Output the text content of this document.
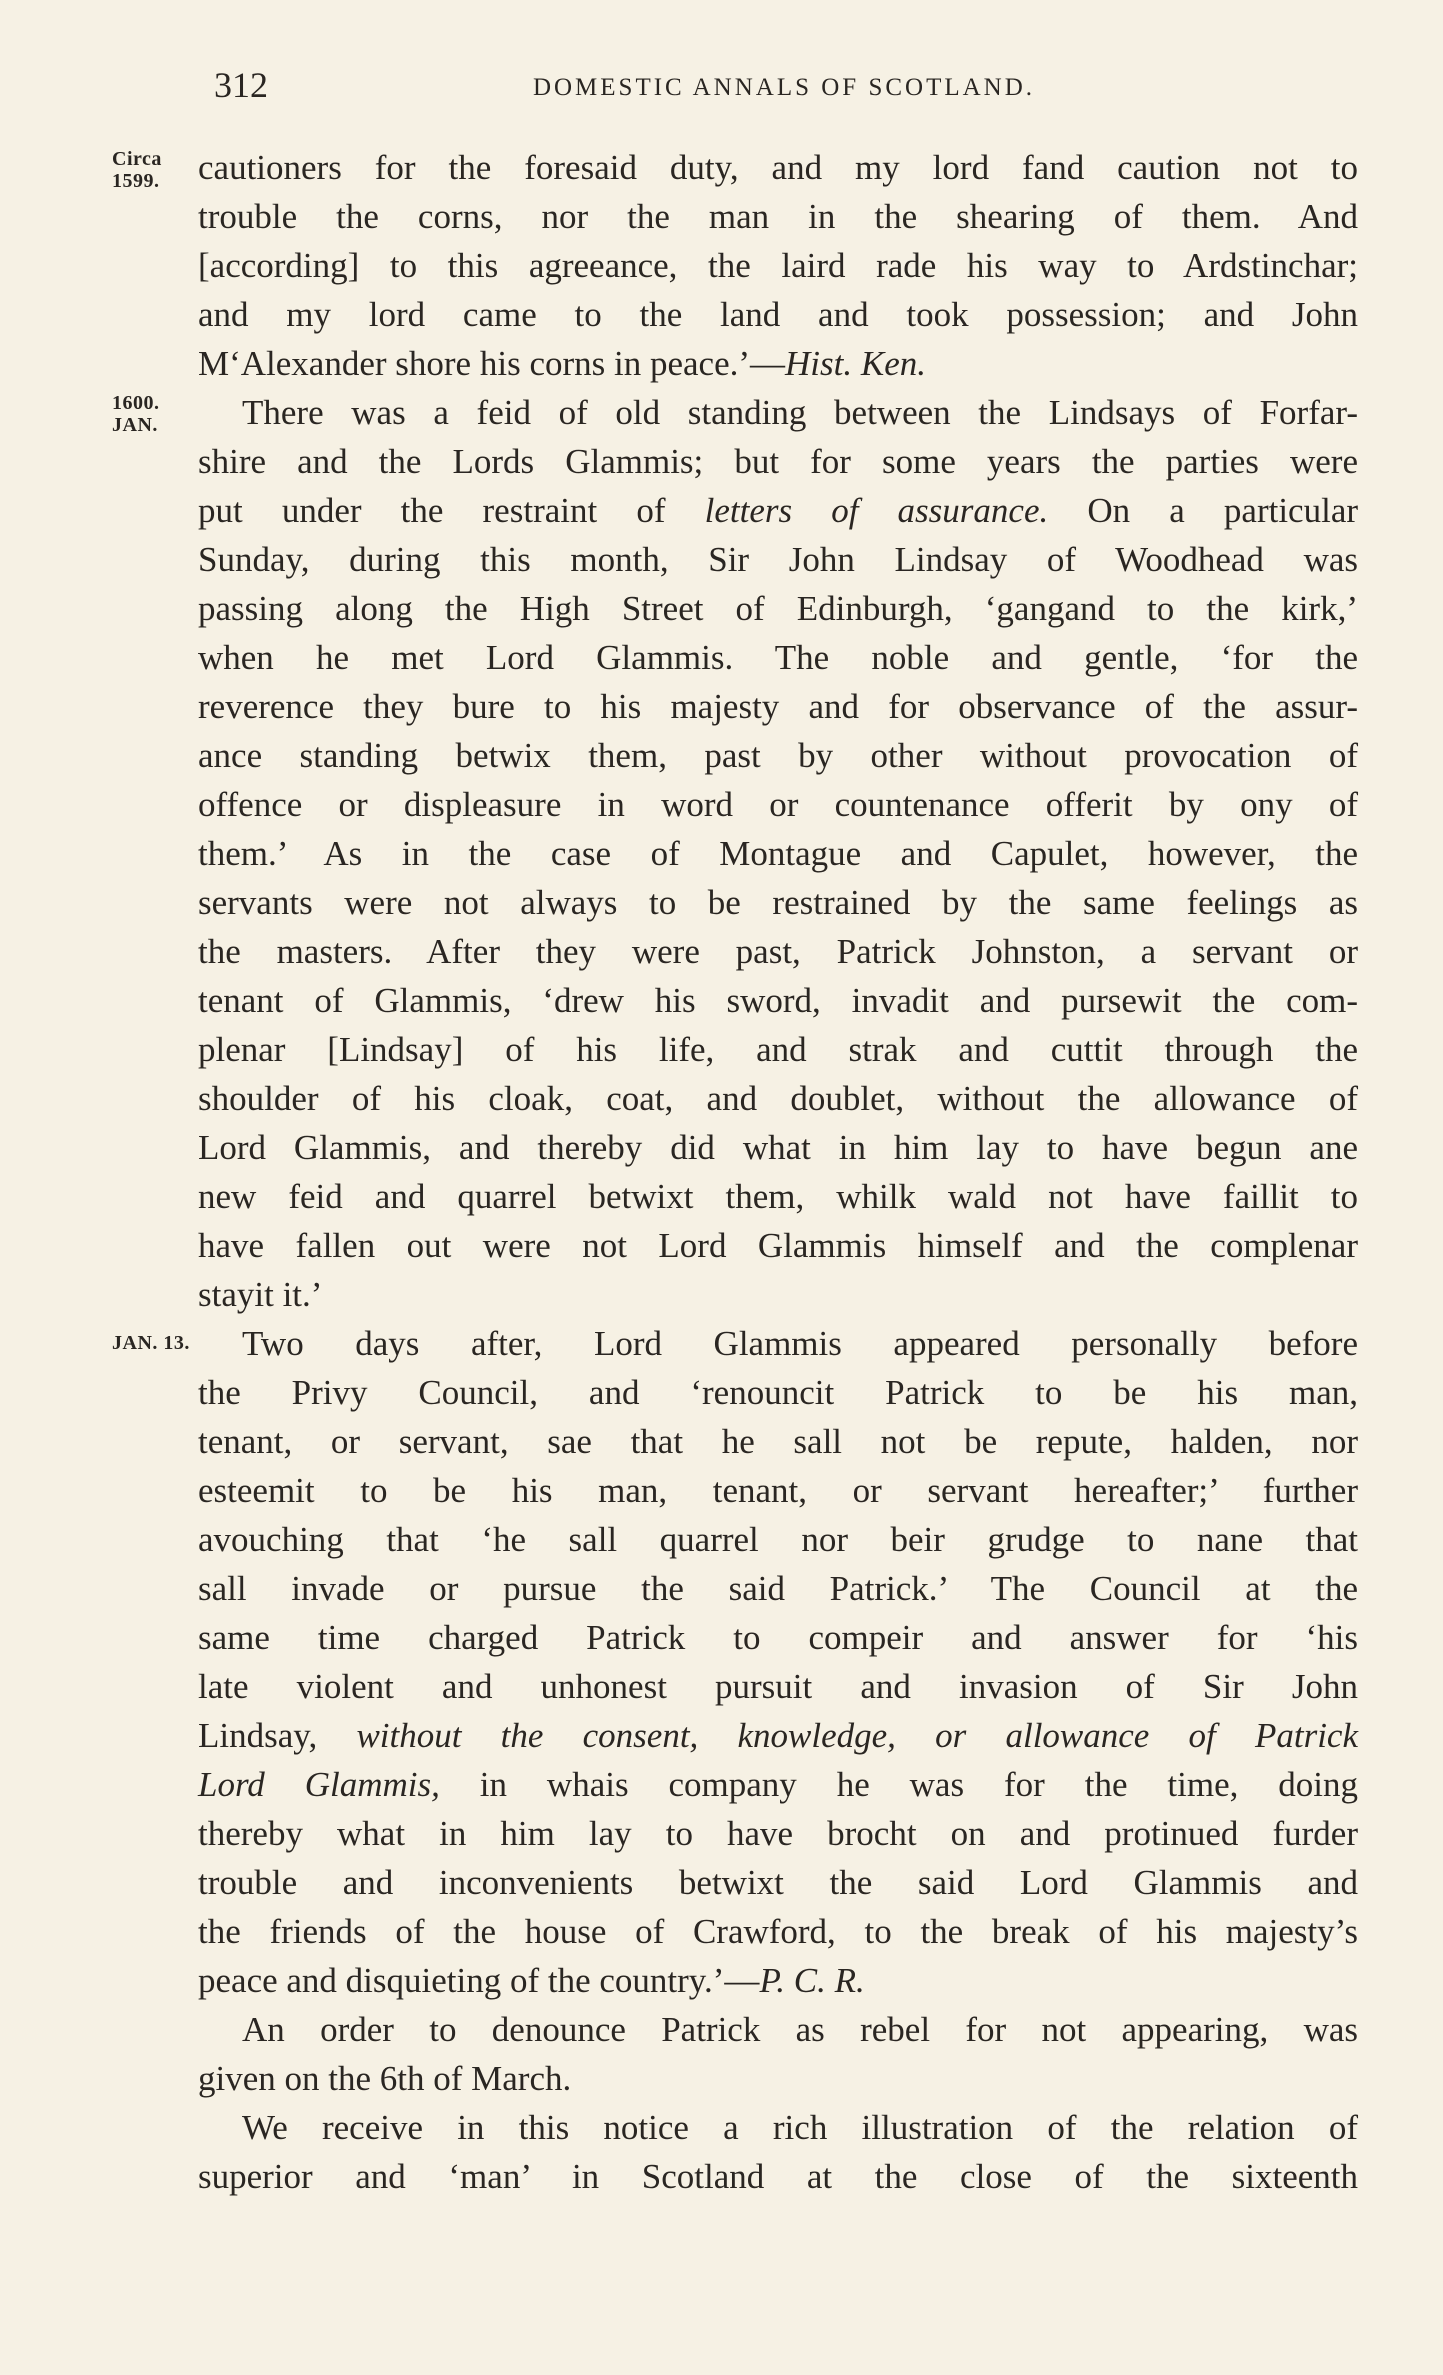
312	DOMESTIC ANNALS OF SCOTLAND.
Circa
1599.
1600.
JAN.
JAN. 13.
cautioners for the foresaid duty, and my lord fand caution not to
trouble the corns, nor the man in the shearing of them. And
[according] to this agreeance, the laird rade his way to Ardstinchar;
and my lord came to the land and took possession; and John
M‘Alexander shore his corns in peace.’—Hist. Ken.
There was a feid of old standing between the Lindsays of Forfar-
shire and the Lords Glammis; but for some years the parties were
put under the restraint of letters of assurance. On a particular
Sunday, during this month, Sir John Lindsay of Woodhead was
passing along the High Street of Edinburgh, ‘gangand to the kirk,’
when he met Lord Glammis. The noble and gentle, ‘for the
reverence they bure to his majesty and for observance of the assur-
ance standing betwix them, past by other without provocation of
offence or displeasure in word or countenance offerit by ony of
them.’ As in the case of Montague and Capulet, however, the
servants were not always to be restrained by the same feelings as
the masters. After they were past, Patrick Johnston, a servant or
tenant of Glammis, ‘drew his sword, invadit and pursewit the com-
plenar [Lindsay] of his life, and strak and cuttit through the
shoulder of his cloak, coat, and doublet, without the allowance of
Lord Glammis, and thereby did what in him lay to have begun ane
new feid and quarrel betwixt them, whilk wald not have faillit to
have fallen out were not Lord Glammis himself and the complenar
stayit it.’
Two days after, Lord Glammis appeared personally before
the Privy Council, and ‘renouncit Patrick to be his man,
tenant, or servant, sae that he sall not be repute, halden, nor
esteemit to be his man, tenant, or servant hereafter;’ further
avouching that ‘he sall quarrel nor beir grudge to nane that
sall invade or pursue the said Patrick.’ The Council at the
same time charged Patrick to compeir and answer for ‘his
late violent and unhonest pursuit and invasion of Sir John
Lindsay, without the consent, knowledge, or allowance of Patrick
Lord Glammis, in whais company he was for the time, doing
thereby what in him lay to have brocht on and protinued furder
trouble and inconvenients betwixt the said Lord Glammis and
the friends of the house of Crawford, to the break of his majesty’s
peace and disquieting of the country.’—P. C. R.
An order to denounce Patrick as rebel for not appearing, was
given on the 6th of March.
We receive in this notice a rich illustration of the relation of
superior and ‘man’ in Scotland at the close of the sixteenth
